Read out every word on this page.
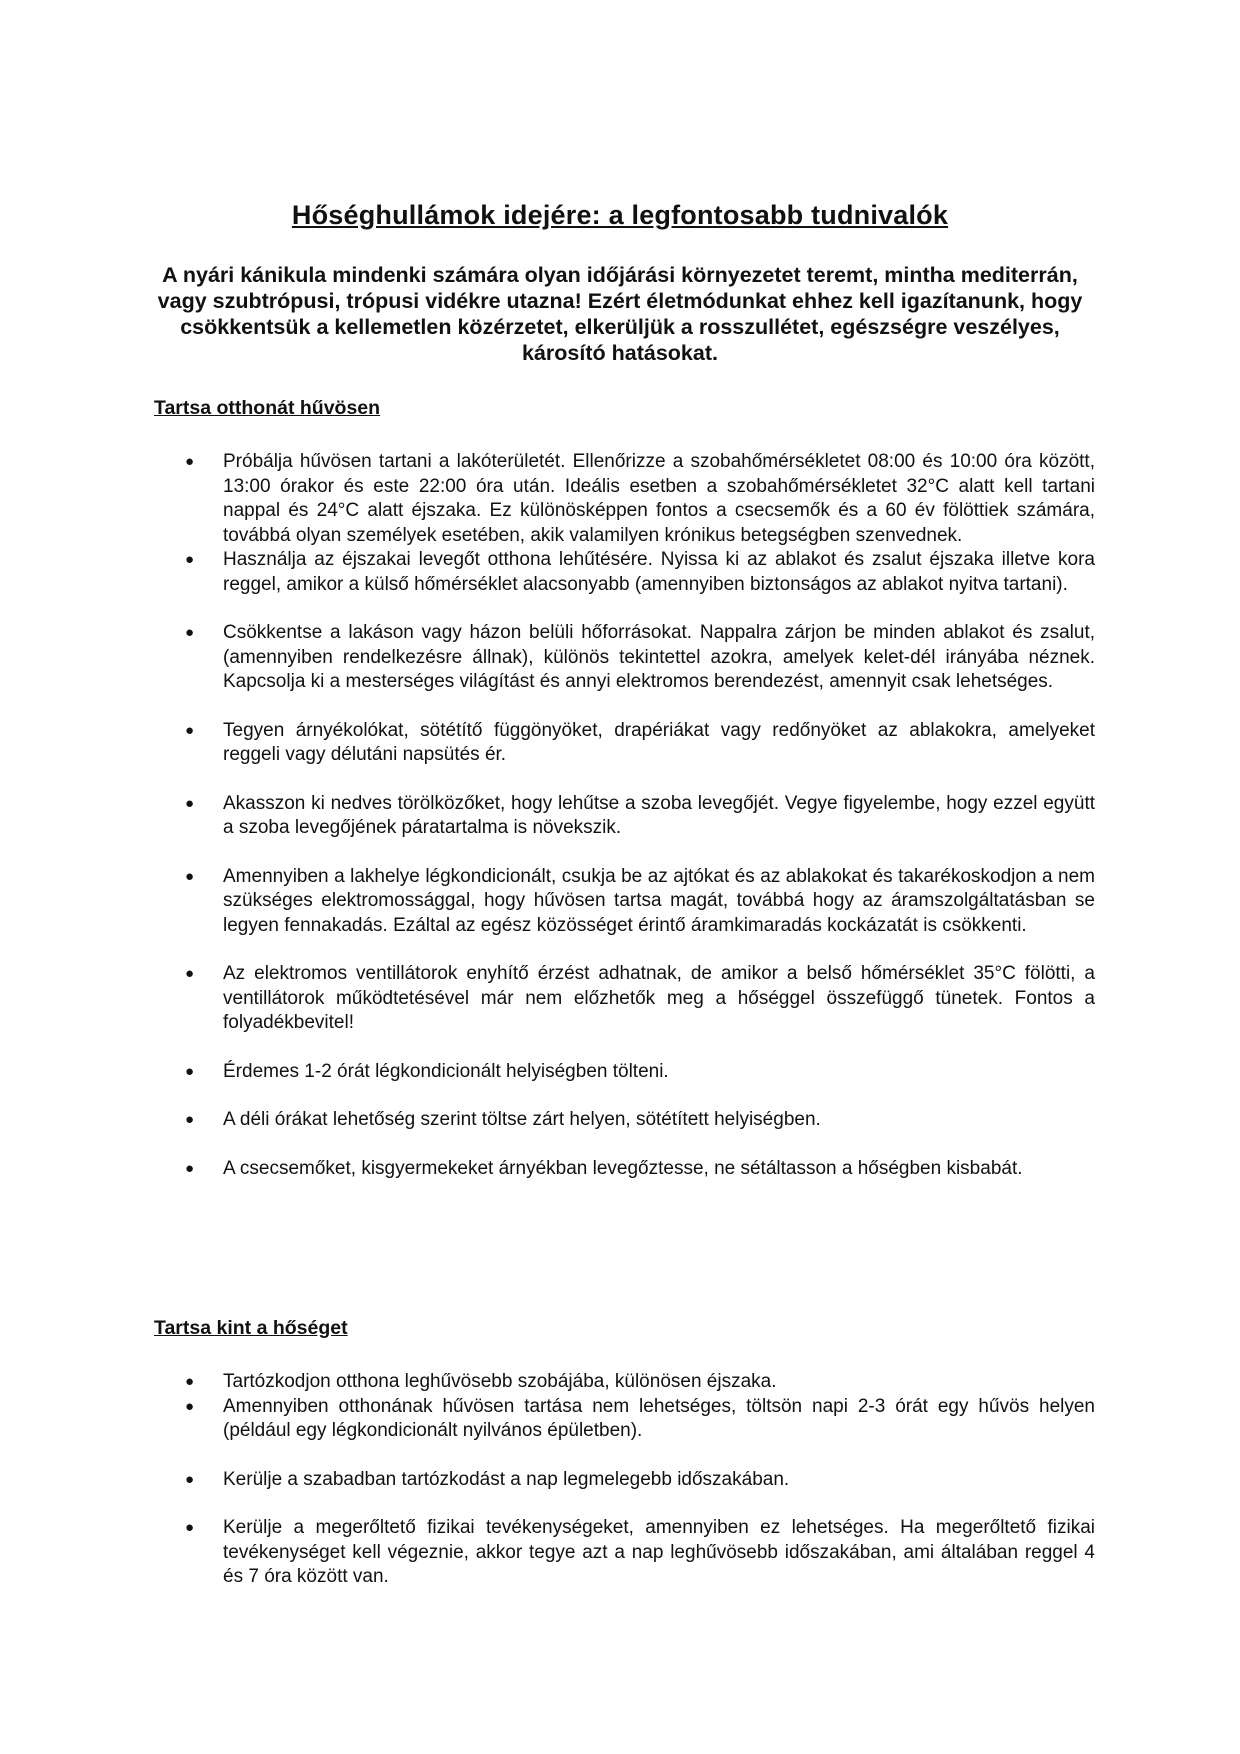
Hőséghullámok idejére: a legfontosabb tudnivalók
A nyári kánikula mindenki számára olyan időjárási környezetet teremt, mintha mediterrán, vagy szubtrópusi, trópusi vidékre utazna! Ezért életmódunkat ehhez kell igazítanunk, hogy csökkentsük a kellemetlen közérzetet, elkerüljük a rosszullétet, egészségre veszélyes, károsító hatásokat.
Tartsa otthonát hűvösen
● Próbálja hűvösen tartani a lakóterületét. Ellenőrizze a szobahőmérsékletet 08:00 és 10:00 óra között, 13:00 órakor és este 22:00 óra után. Ideális esetben a szobahőmérsékletet 32°C alatt kell tartani nappal és 24°C alatt éjszaka. Ez különösképpen fontos a csecsemők és a 60 év fölöttiek számára, továbbá olyan személyek esetében, akik valamilyen krónikus betegségben szenvednek.
● Használja az éjszakai levegőt otthona lehűtésére. Nyissa ki az ablakot és zsalut éjszaka illetve kora reggel, amikor a külső hőmérséklet alacsonyabb (amennyiben biztonságos az ablakot nyitva tartani).
● Csökkentse a lakáson vagy házon belüli hőforrásokat. Nappalra zárjon be minden ablakot és zsalut, (amennyiben rendelkezésre állnak), különös tekintettel azokra, amelyek kelet-dél irányába néznek. Kapcsolja ki a mesterséges világítást és annyi elektromos berendezést, amennyit csak lehetséges.
● Tegyen árnyékolókat, sötétítő függönyöket, drapériákat vagy redőnyöket az ablakokra, amelyeket reggeli vagy délutáni napsütés ér.
● Akasszon ki nedves törölközőket, hogy lehűtse a szoba levegőjét. Vegye figyelembe, hogy ezzel együtt a szoba levegőjének páratartalma is növekszik.
● Amennyiben a lakhelye légkondicionált, csukja be az ajtókat és az ablakokat és takarékoskodjon a nem szükséges elektromossággal, hogy hűvösen tartsa magát, továbbá hogy az áramszolgáltatásban se legyen fennakadás. Ezáltal az egész közösséget érintő áramkimaradás kockázatát is csökkenti.
● Az elektromos ventillátorok enyhítő érzést adhatnak, de amikor a belső hőmérséklet 35°C fölötti, a ventillátorok működtetésével már nem előzhetők meg a hőséggel összefüggő tünetek. Fontos a folyadékbevitel!
● Érdemes 1-2 órát légkondicionált helyiségben tölteni.
● A déli órákat lehetőség szerint töltse zárt helyen, sötétített helyiségben.
● A csecsemőket, kisgyermekeket árnyékban levegőztesse, ne sétáltasson a hőségben kisbabát.
Tartsa kint a hőséget
● Tartózkodjon otthona leghűvösebb szobájába, különösen éjszaka.
● Amennyiben otthonának hűvösen tartása nem lehetséges, töltsön napi 2-3 órát egy hűvös helyen (például egy légkondicionált nyilvános épületben).
● Kerülje a szabadban tartózkodást a nap legmelegebb időszakában.
● Kerülje a megerőltető fizikai tevékenységeket, amennyiben ez lehetséges. Ha megerőltető fizikai tevékenységet kell végeznie, akkor tegye azt a nap leghűvösebb időszakában, ami általában reggel 4 és 7 óra között van.
